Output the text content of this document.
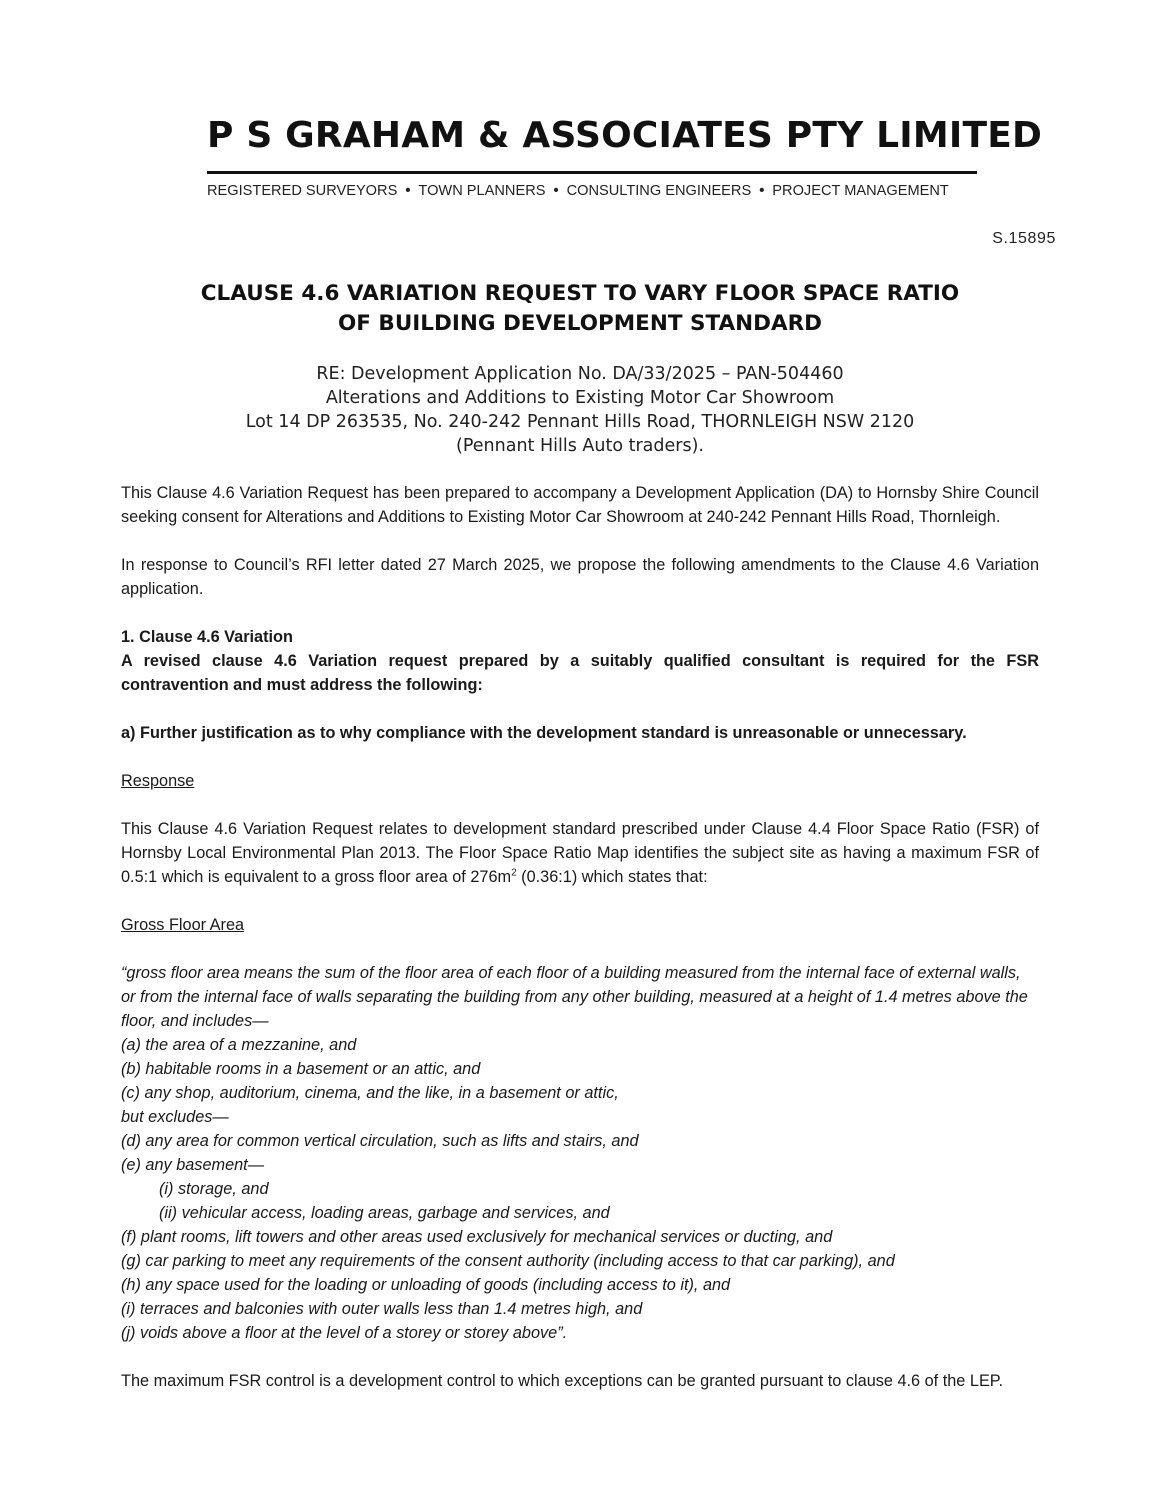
P S GRAHAM & ASSOCIATES PTY LIMITED
REGISTERED SURVEYORS • TOWN PLANNERS • CONSULTING ENGINEERS • PROJECT MANAGEMENT
S.15895
CLAUSE 4.6 VARIATION REQUEST TO VARY FLOOR SPACE RATIO
OF BUILDING DEVELOPMENT STANDARD
RE: Development Application No. DA/33/2025 – PAN-504460
Alterations and Additions to Existing Motor Car Showroom
Lot 14 DP 263535, No. 240-242 Pennant Hills Road, THORNLEIGH NSW 2120
(Pennant Hills Auto traders).

This Clause 4.6 Variation Request has been prepared to accompany a Development Application (DA) to Hornsby Shire Council seeking consent for Alterations and Additions to Existing Motor Car Showroom at 240-242 Pennant Hills Road, Thornleigh.

In response to Council’s RFI letter dated 27 March 2025, we propose the following amendments to the Clause 4.6 Variation application.

1. Clause 4.6 Variation

A revised clause 4.6 Variation request prepared by a suitably qualified consultant is required for the FSR contravention and must address the following:

a) Further justification as to why compliance with the development standard is unreasonable or unnecessary.

Response

This Clause 4.6 Variation Request relates to development standard prescribed under Clause 4.4 Floor Space Ratio (FSR) of Hornsby Local Environmental Plan 2013. The Floor Space Ratio Map identifies the subject site as having a maximum FSR of 0.5:1 which is equivalent to a gross floor area of $276m^2$ (0.36:1) which states that:

Gross Floor Area

“gross floor area means the sum of the floor area of each floor of a building measured from the internal face of external walls, or from the internal face of walls separating the building from any other building, measured at a height of 1.4 metres above the floor, and includes—

(a) the area of a mezzanine, and

(b) habitable rooms in a basement or an attic, and

(c) any shop, auditorium, cinema, and the like, in a basement or attic,

but excludes—

(d) any area for common vertical circulation, such as lifts and stairs, and

(e) any basement—

(i) storage, and

(ii) vehicular access, loading areas, garbage and services, and

(f) plant rooms, lift towers and other areas used exclusively for mechanical services or ducting, and

(g) car parking to meet any requirements of the consent authority (including access to that car parking), and

(h) any space used for the loading or unloading of goods (including access to it), and

(i) terraces and balconies with outer walls less than 1.4 metres high, and

(j) voids above a floor at the level of a storey or storey above”.

The maximum FSR control is a development control to which exceptions can be granted pursuant to clause 4.6 of the LEP.
